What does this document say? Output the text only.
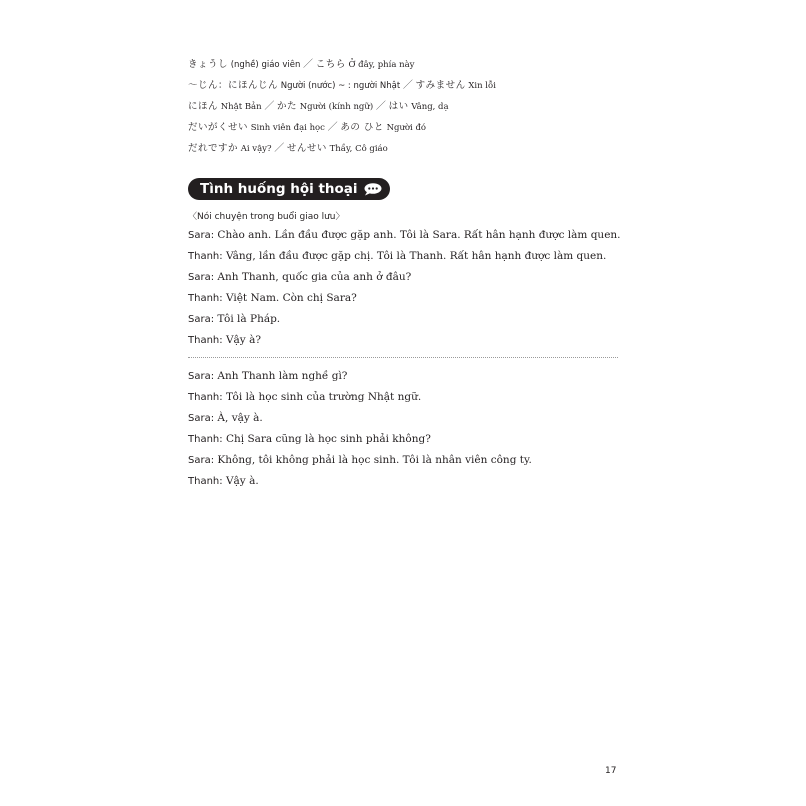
きょうし (nghề) giáo viên ／ こちら Ở đây, phía này
〜じん：にほんじん Người (nước) ~ : người Nhật ／ すみません Xin lỗi
にほん Nhật Bản ／ かた Người (kính ngữ) ／ はい Vâng, dạ
だいがくせい Sinh viên đại học ／ あの ひと Người đó
だれですか Ai vậy? ／ せんせい Thầy, Cô giáo
Tình huống hội thoại
〈Nói chuyện trong buổi giao lưu〉
Sara: Chào anh. Lần đầu được gặp anh. Tôi là Sara. Rất hân hạnh được làm quen.
Thanh: Vâng, lần đầu được gặp chị. Tôi là Thanh. Rất hân hạnh được làm quen.
Sara: Anh Thanh, quốc gia của anh ở đâu?
Thanh: Việt Nam. Còn chị Sara?
Sara: Tôi là Pháp.
Thanh: Vậy à?
Sara: Anh Thanh làm nghề gì?
Thanh: Tôi là học sinh của trường Nhật ngữ.
Sara: À, vậy à.
Thanh: Chị Sara cũng là học sinh phải không?
Sara: Không, tôi không phải là học sinh. Tôi là nhân viên công ty.
Thanh: Vậy à.
17
